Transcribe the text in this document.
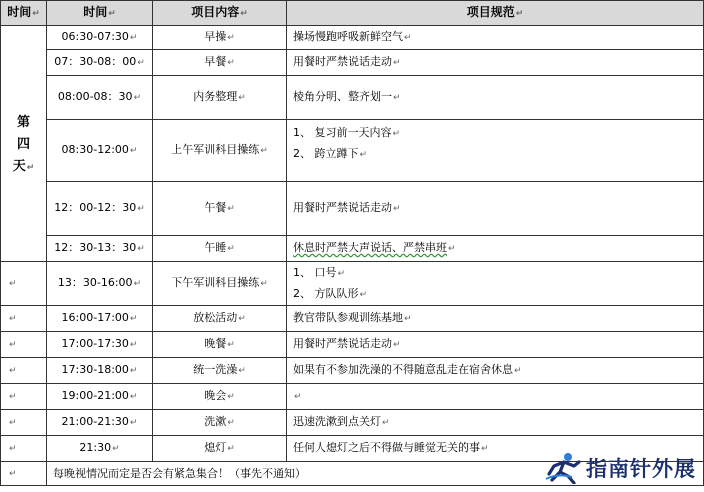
时间↵	时间↵	项目内容↵	项目规范↵

第
四
天↵	06:30-07:30↵	早操↵	操场慢跑呼吸新鲜空气↵
	07：30-08：00↵	早餐↵	用餐时严禁说话走动↵
	08:00-08：30↵	内务整理↵	棱角分明、整齐划一↵
	08:30-12:00↵	上午军训科目操练↵	1、 复习前一天内容↵
2、 跨立蹲下↵

	12：00-12：30↵	午餐↵	用餐时严禁说话走动↵
	12：30-13：30↵	午睡↵	休息时严禁大声说话、严禁串班↵
↵	13：30-16:00↵	下午军训科目操练↵	1、 口号↵
2、 方队队形↵

↵	16:00-17:00↵	放松活动↵	教官带队参观训练基地↵
↵	17:00-17:30↵	晚餐↵	用餐时严禁说话走动↵
↵	17:30-18:00↵	统一洗澡↵	如果有不参加洗澡的不得随意乱走在宿舍休息↵
↵	19:00-21:00↵	晚会↵	↵
↵	21:00-21:30↵	洗漱↵	迅速洗漱到点关灯↵
↵	21:30↵	熄灯↵	任何人熄灯之后不得做与睡觉无关的事↵
↵	每晚视情况而定是否会有紧急集合！（事先不通知）			指南针外展
